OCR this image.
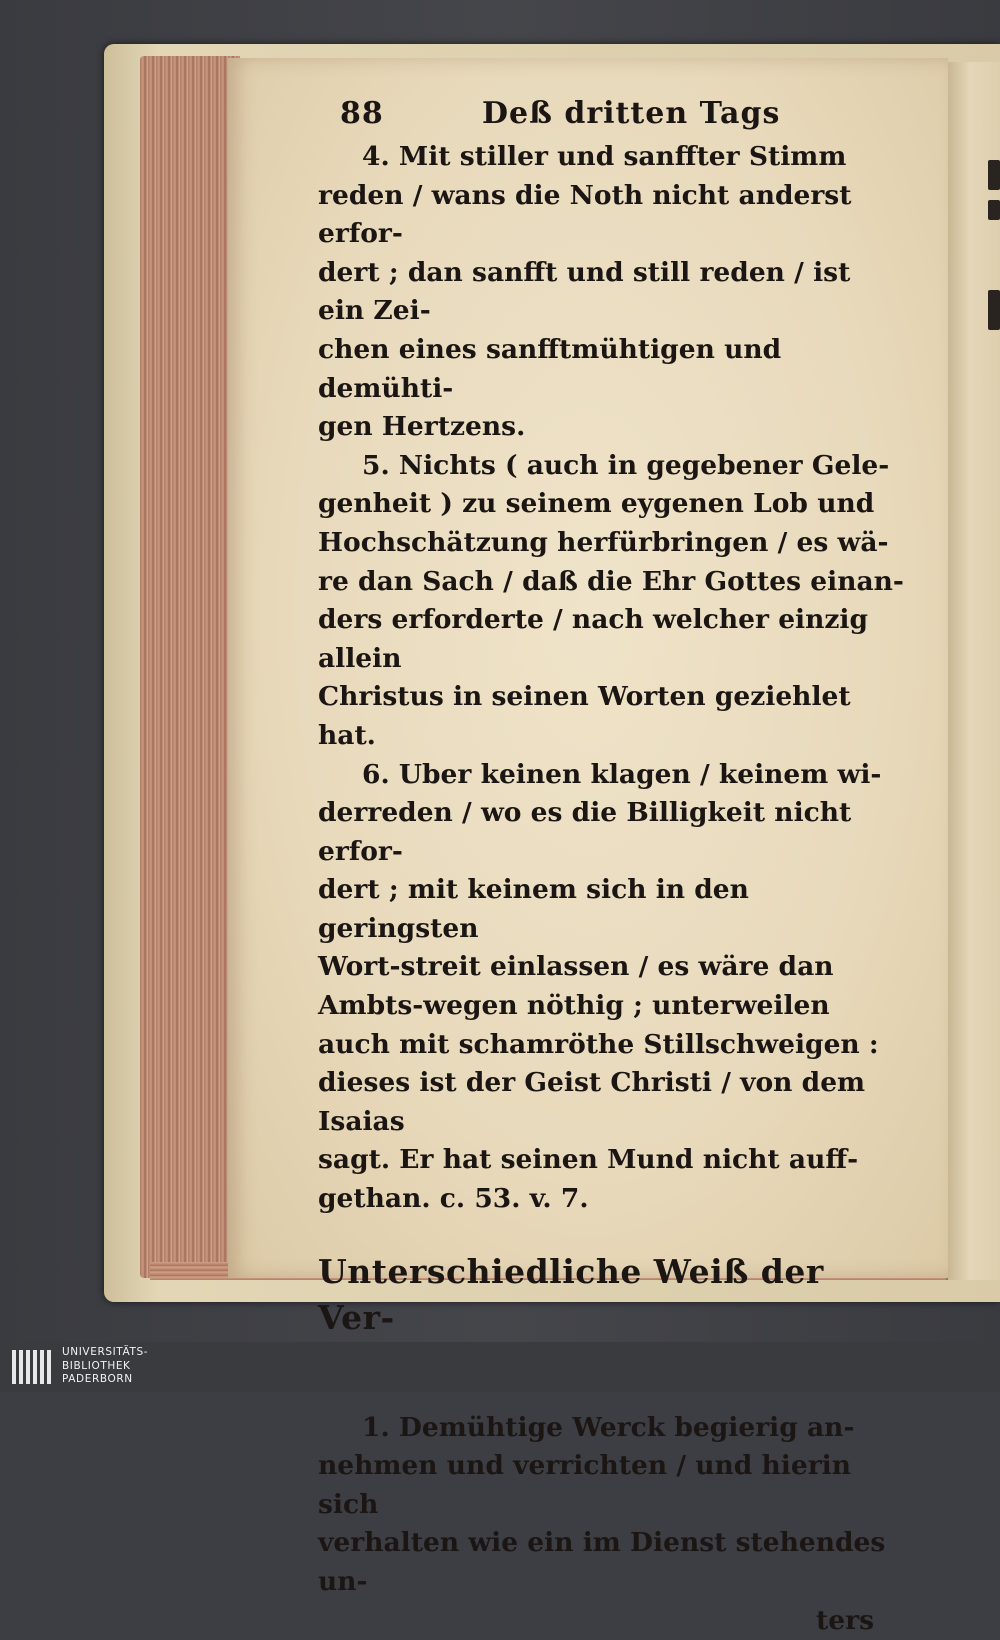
88	Deß dritten Tags

4. Mit stiller und sanffter Stimm
reden / wans die Noth nicht anderst erfor-
dert ; dan sanfft und still reden / ist ein Zei-
chen eines sanfftmühtigen und demühti-
gen Hertzens.

5. Nichts ( auch in gegebener Gele-
genheit ) zu seinem eygenen Lob und
Hochschätzung herfürbringen / es wä-
re dan Sach / daß die Ehr Gottes einan-
ders erforderte / nach welcher einzig allein
Christus in seinen Worten geziehlet hat.

6. Uber keinen klagen / keinem wi-
derreden / wo es die Billigkeit nicht erfor-
dert ; mit keinem sich in den geringsten
Wort-streit einlassen / es wäre dan
Ambts-wegen nöthig ; unterweilen
auch mit schamröthe Stillschweigen :
dieses ist der Geist Christi / von dem Isaias
sagt. Er hat seinen Mund nicht auff-
gethan. c. 53. v. 7.

Unterschiedliche Weiß der Ver-

1. Demühtige Werck begierig an-
nehmen und verrichten / und hierin sich
verhalten wie ein im Dienst stehendes un-
ters

UNIVERSITÄTS-
BIBLIOTHEK
PADERBORN
